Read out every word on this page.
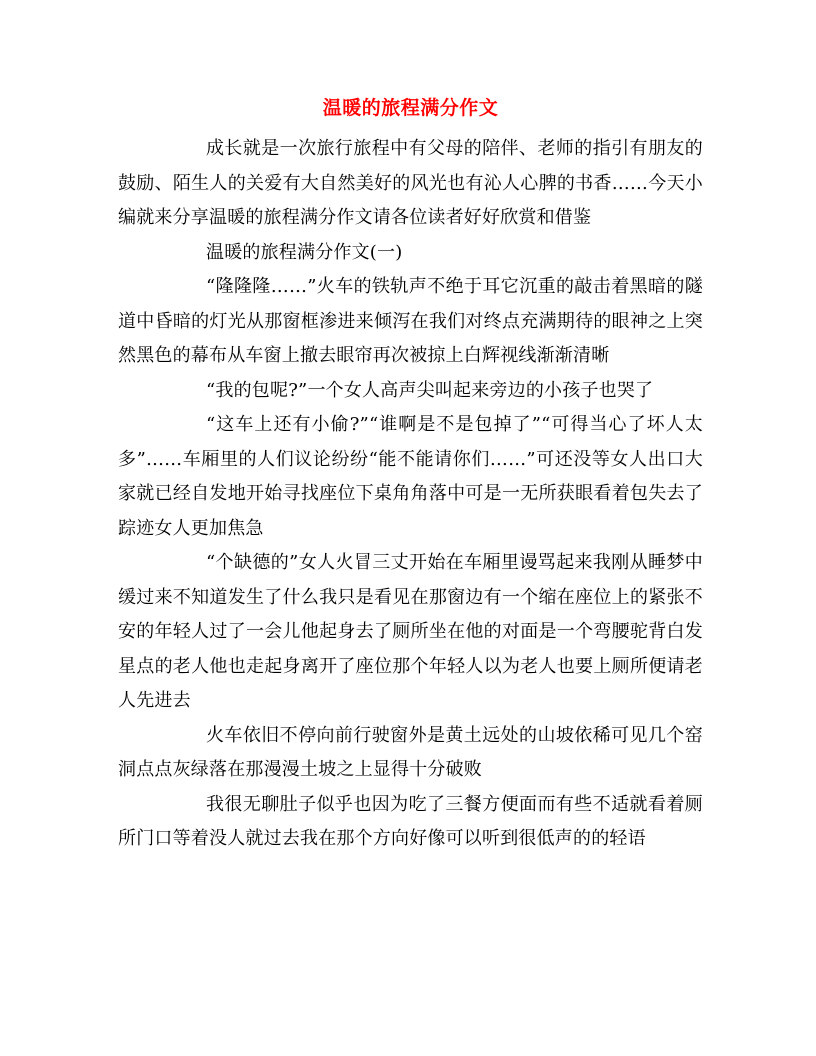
温暖的旅程满分作文

成长就是一次旅行旅程中有父母的陪伴、老师的指引有朋友的鼓励、陌生人的关爱有大自然美好的风光也有沁人心脾的书香……今天小编就来分享温暖的旅程满分作文请各位读者好好欣赏和借鉴

温暖的旅程满分作文(一)

“隆隆隆……”火车的铁轨声不绝于耳它沉重的敲击着黑暗的隧道中昏暗的灯光从那窗框渗进来倾泻在我们对终点充满期待的眼神之上突然黑色的幕布从车窗上撤去眼帘再次被掠上白辉视线渐渐清晰

“我的包呢?”一个女人高声尖叫起来旁边的小孩子也哭了

“这车上还有小偷?”“谁啊是不是包掉了”“可得当心了坏人太多”……车厢里的人们议论纷纷“能不能请你们……”可还没等女人出口大家就已经自发地开始寻找座位下桌角角落中可是一无所获眼看着包失去了踪迹女人更加焦急

“个缺德的”女人火冒三丈开始在车厢里谩骂起来我刚从睡梦中缓过来不知道发生了什么我只是看见在那窗边有一个缩在座位上的紧张不安的年轻人过了一会儿他起身去了厕所坐在他的对面是一个弯腰驼背白发星点的老人他也走起身离开了座位那个年轻人以为老人也要上厕所便请老人先进去

火车依旧不停向前行驶窗外是黄土远处的山坡依稀可见几个窑洞点点灰绿落在那漫漫土坡之上显得十分破败

我很无聊肚子似乎也因为吃了三餐方便面而有些不适就看着厕所门口等着没人就过去我在那个方向好像可以听到很低声的的轻语
